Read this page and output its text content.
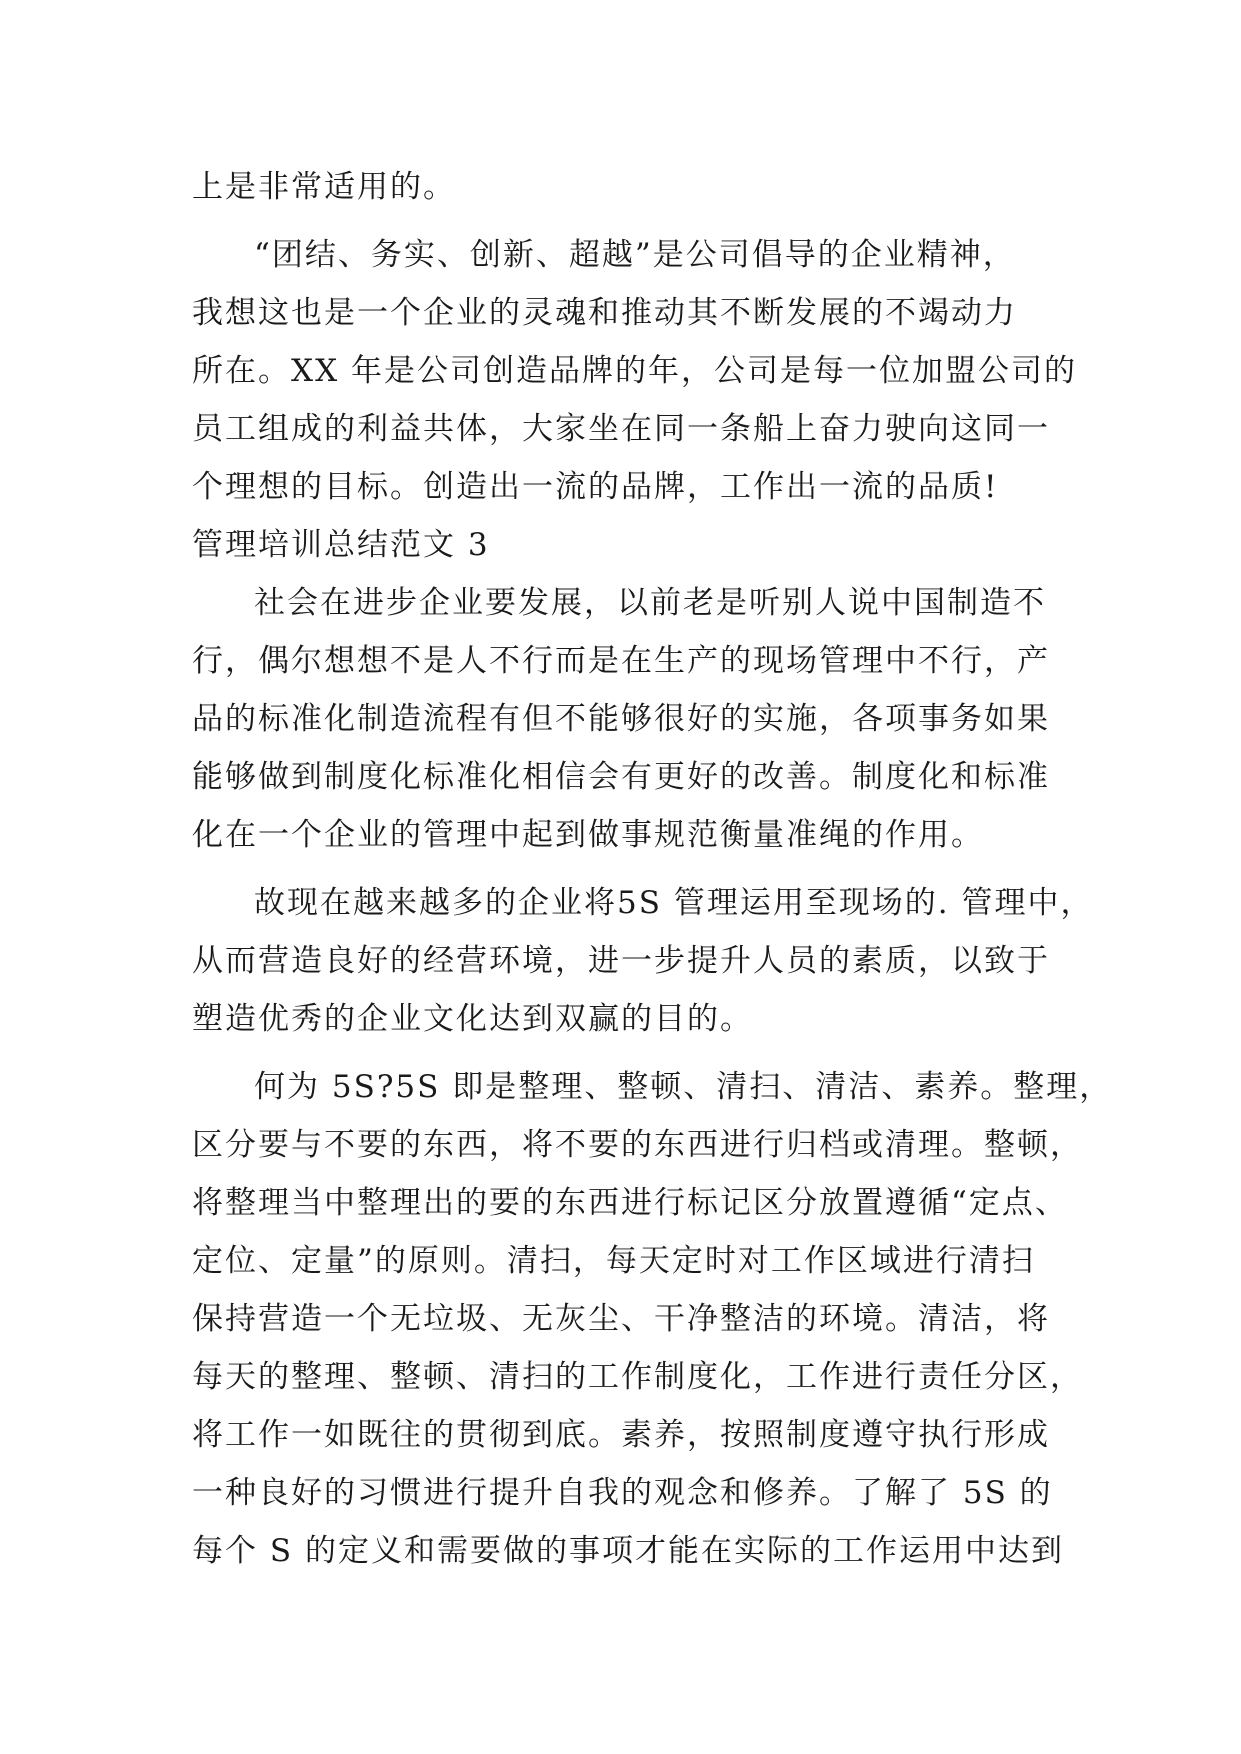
上是非常适用的。
“团结、务实、创新、超越”是公司倡导的企业精神，
我想这也是一个企业的灵魂和推动其不断发展的不竭动力
所在。XX 年是公司创造品牌的年，公司是每一位加盟公司的
员工组成的利益共体，大家坐在同一条船上奋力驶向这同一
个理想的目标。创造出一流的品牌，工作出一流的品质!
管理培训总结范文 3
社会在进步企业要发展，以前老是听别人说中国制造不
行，偶尔想想不是人不行而是在生产的现场管理中不行，产
品的标准化制造流程有但不能够很好的实施，各项事务如果
能够做到制度化标准化相信会有更好的改善。制度化和标准
化在一个企业的管理中起到做事规范衡量准绳的作用。
故现在越来越多的企业将5S 管理运用至现场的. 管理中，
从而营造良好的经营环境，进一步提升人员的素质，以致于
塑造优秀的企业文化达到双赢的目的。
何为 5S?5S 即是整理、整顿、清扫、清洁、素养。整理，
区分要与不要的东西，将不要的东西进行归档或清理。整顿，
将整理当中整理出的要的东西进行标记区分放置遵循“定点、
定位、定量”的原则。清扫，每天定时对工作区域进行清扫
保持营造一个无垃圾、无灰尘、干净整洁的环境。清洁，将
每天的整理、整顿、清扫的工作制度化，工作进行责任分区，
将工作一如既往的贯彻到底。素养，按照制度遵守执行形成
一种良好的习惯进行提升自我的观念和修养。了解了 5S 的
每个 S 的定义和需要做的事项才能在实际的工作运用中达到
